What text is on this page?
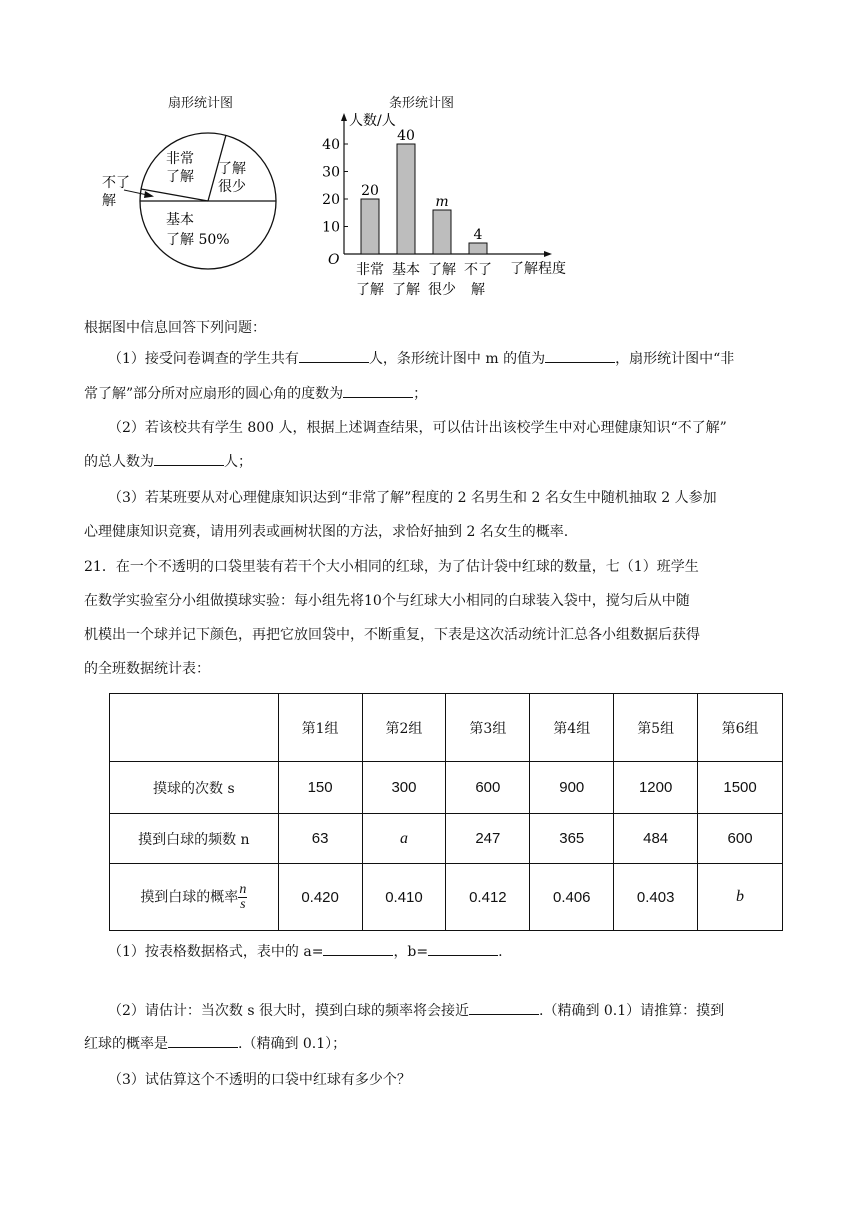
扇形统计图
非常
了解 了解
很少
不了
解
基本
了解 50%
条形统计图
人数/人
了解程度
O
10
20
30
40
20
非常
了解
40
基本
了解
m
了解
很少
4
不了
解
根据图中信息回答下列问题：
（1）接受问卷调查的学生共有	人，条形统计图中 m 的值为	，扇形统计图中“非
常了解”部分所对应扇形的圆心角的度数为	；
（2）若该校共有学生 800 人，根据上述调查结果，可以估计出该校学生中对心理健康知识“不了解”
的总人数为	人；
（3）若某班要从对心理健康知识达到“非常了解”程度的 2 名男生和 2 名女生中随机抽取 2 人参加
心理健康知识竞赛，请用列表或画树状图的方法，求恰好抽到 2 名女生的概率.
21．在一个不透明的口袋里装有若干个大小相同的红球，为了估计袋中红球的数量，七（1）班学生
在数学实验室分小组做摸球实验：每小组先将10个与红球大小相同的白球装入袋中，搅匀后从中随
机模出一个球并记下颜色，再把它放回袋中，不断重复，下表是这次活动统计汇总各小组数据后获得
的全班数据统计表：
	第1组	第2组	第3组	第4组	第5组	第6组
摸球的次数 s	150	300	600	900	1200	1500
摸到白球的频数 n	63	a	247	365	484	600
摸到白球的概率 $\frac{n}{s}$	0.420	0.410	0.412	0.406	0.403	b
（1）按表格数据格式，表中的 a=	，b=	.
（2）请估计：当次数 s 很大时，摸到白球的频率将会接近	.（精确到 0.1）请推算：摸到
红球的概率是	.（精确到 0.1）；
（3）试估算这个不透明的口袋中红球有多少个？
